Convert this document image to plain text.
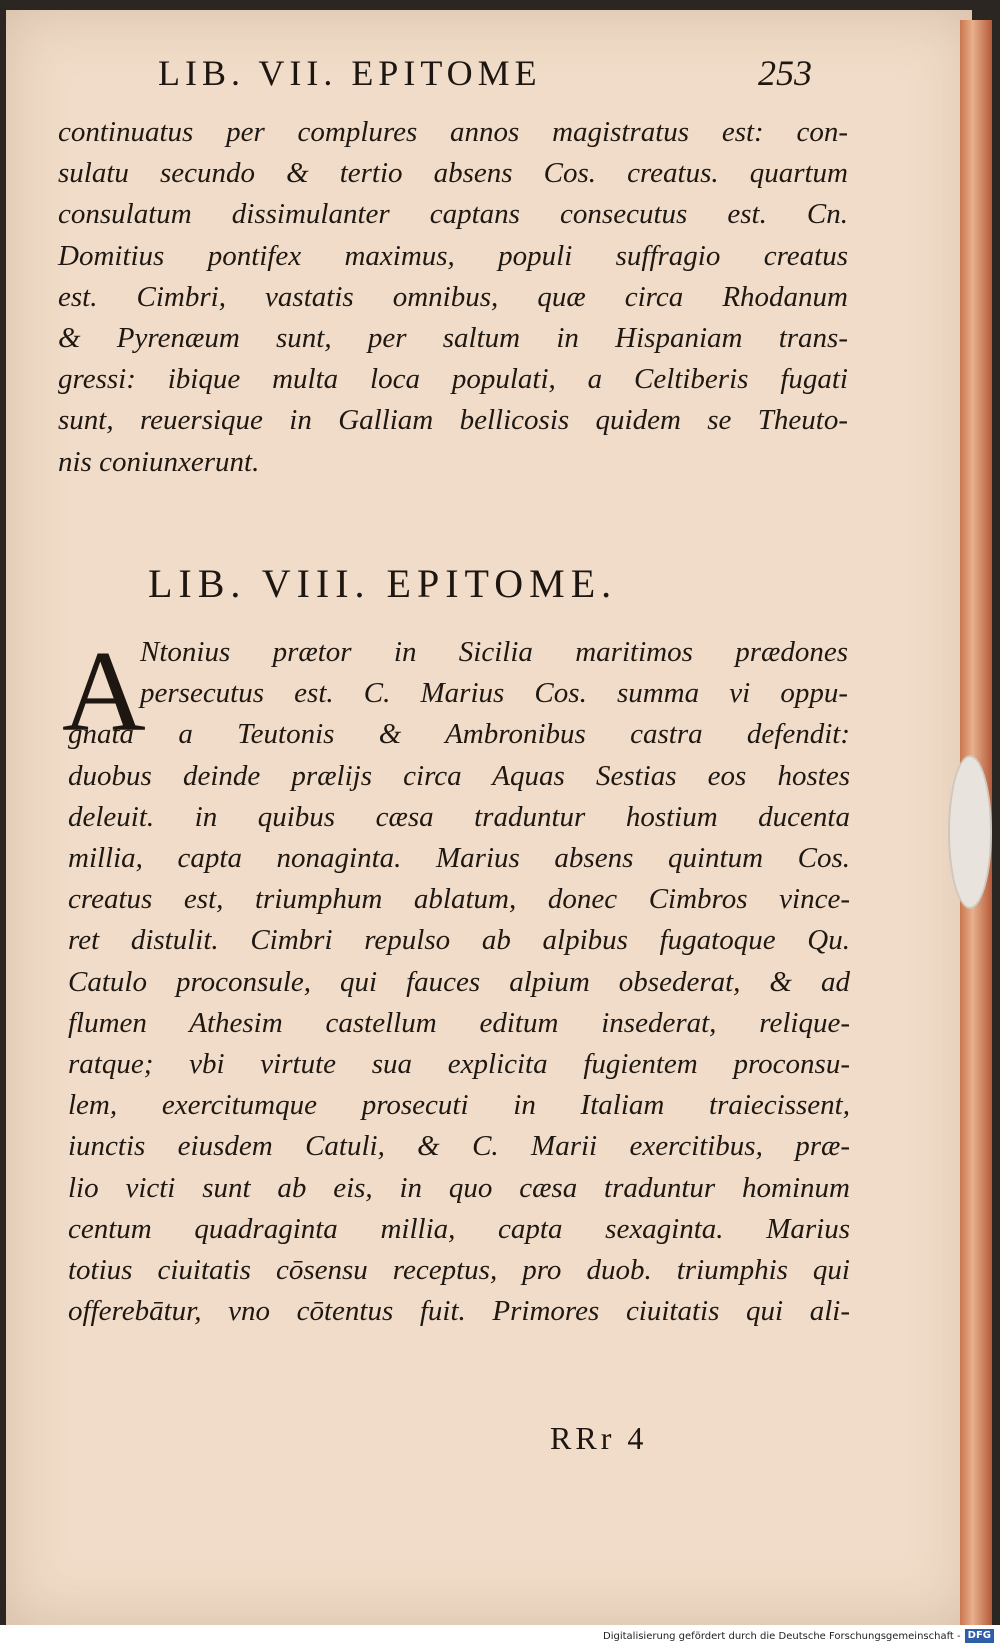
LIB. VII. EPITOME	253
continuatus per complures annos magistratus est: con-
sulatu secundo & tertio absens Cos. creatus. quartum
consulatum dissimulanter captans consecutus est. Cn.
Domitius pontifex maximus, populi suffragio creatus
est. Cimbri, vastatis omnibus, quæ circa Rhodanum
& Pyrenæum sunt, per saltum in Hispaniam trans-
gressi: ibique multa loca populati, a Celtiberis fugati
sunt, reuersique in Galliam bellicosis quidem se Theuto-
nis coniunxerunt.
LIB. VIII. EPITOME.
A
Ntonius prætor in Sicilia maritimos prædones
persecutus est. C. Marius Cos. summa vi oppu-
gnata a Teutonis & Ambronibus castra defendit:
duobus deinde prælijs circa Aquas Sestias eos hostes
deleuit. in quibus cæsa traduntur hostium ducenta
millia, capta nonaginta. Marius absens quintum Cos.
creatus est, triumphum ablatum, donec Cimbros vince-
ret distulit. Cimbri repulso ab alpibus fugatoque Qu.
Catulo proconsule, qui fauces alpium obsederat, & ad
flumen Athesim castellum editum insederat, relique-
ratque; vbi virtute sua explicita fugientem proconsu-
lem, exercitumque prosecuti in Italiam traiecissent,
iunctis eiusdem Catuli, & C. Marii exercitibus, præ-
lio victi sunt ab eis, in quo cæsa traduntur hominum
centum quadraginta millia, capta sexaginta. Marius
totius ciuitatis cōsensu receptus, pro duob. triumphis qui
offerebātur, vno cōtentus fuit. Primores ciuitatis qui ali-
RRr 4
Digitalisierung gefördert durch die Deutsche Forschungsgemeinschaft - DFG
